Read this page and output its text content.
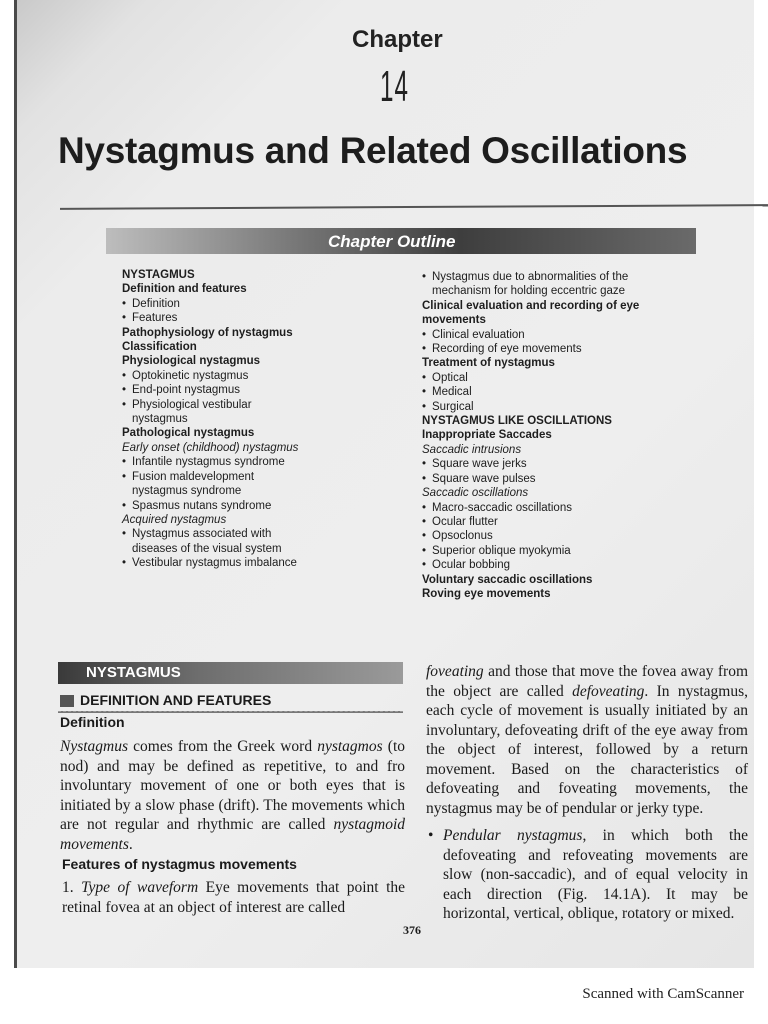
Chapter
14
Nystagmus and Related Oscillations
Chapter Outline
NYSTAGMUS
Definition and features
• Definition
• Features
Pathophysiology of nystagmus
Classification
Physiological nystagmus
• Optokinetic nystagmus
• End-point nystagmus
• Physiological vestibular
nystagmus
Pathological nystagmus
Early onset (childhood) nystagmus
• Infantile nystagmus syndrome
• Fusion maldevelopment
nystagmus syndrome
• Spasmus nutans syndrome
Acquired nystagmus
• Nystagmus associated with
diseases of the visual system
• Vestibular nystagmus imbalance
• Nystagmus due to abnormalities of the
mechanism for holding eccentric gaze
Clinical evaluation and recording of eye
movements
• Clinical evaluation
• Recording of eye movements
Treatment of nystagmus
• Optical
• Medical
• Surgical
NYSTAGMUS LIKE OSCILLATIONS
Inappropriate Saccades
Saccadic intrusions
• Square wave jerks
• Square wave pulses
Saccadic oscillations
• Macro-saccadic oscillations
• Ocular flutter
• Opsoclonus
• Superior oblique myokymia
• Ocular bobbing
Voluntary saccadic oscillations
Roving eye movements
NYSTAGMUS
DEFINITION AND FEATURES
Definition
Nystagmus comes from the Greek word nystagmos (to nod) and may be defined as repetitive, to and fro involuntary movement of one or both eyes that is initiated by a slow phase (drift). The movements which are not regular and rhythmic are called nystagmoid movements.
Features of nystagmus movements
1. Type of waveform Eye movements that point the retinal fovea at an object of interest are called
foveating and those that move the fovea away from the object are called defoveating. In nystagmus, each cycle of movement is usually initiated by an involuntary, defoveating drift of the eye away from the object of interest, followed by a return movement. Based on the characteristics of defoveating and foveating movements, the nystagmus may be of pendular or jerky type.
• Pendular nystagmus, in which both the defoveating and refoveating movements are slow (non-saccadic), and of equal velocity in each direction (Fig. 14.1A). It may be horizontal, vertical, oblique, rotatory or mixed.
376
Scanned with CamScanner
